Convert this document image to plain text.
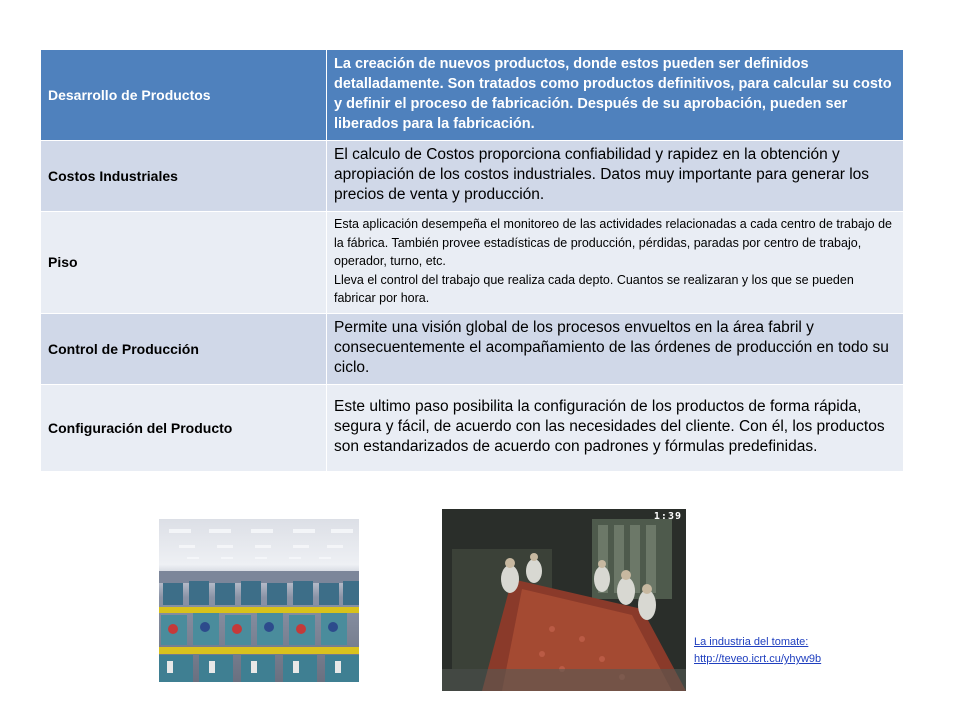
Desarrollo de Productos	La creación de nuevos productos, donde estos pueden ser definidos detalladamente. Son tratados como productos definitivos, para calcular su costo y definir el proceso de fabricación. Después de su aprobación, pueden ser liberados para la fabricación.

Costos Industriales	El calculo de Costos proporciona confiabilidad y rapidez en la obtención y apropiación de los costos industriales. Datos muy importante para generar los precios de venta y producción.

Piso	Esta aplicación desempeña el monitoreo de las actividades relacionadas a cada centro de trabajo de la fábrica. También provee estadísticas de producción, pérdidas, paradas por centro de trabajo, operador, turno, etc.
Lleva el control del trabajo que realiza cada depto. Cuantos se realizaran y los que se pueden fabricar por hora.

Control de Producción	Permite una visión global de los procesos envueltos en la área fabril y consecuentemente el acompañamiento de las órdenes de producción en todo su ciclo.

Configuración del Producto	Este ultimo paso posibilita la configuración de los productos de forma rápida, segura y fácil, de acuerdo con las necesidades del cliente. Con él, los productos son estandarizados de acuerdo con padrones y fórmulas predefinidas.
1:39
La industria del tomate:
http://teveo.icrt.cu/yhyw9b
